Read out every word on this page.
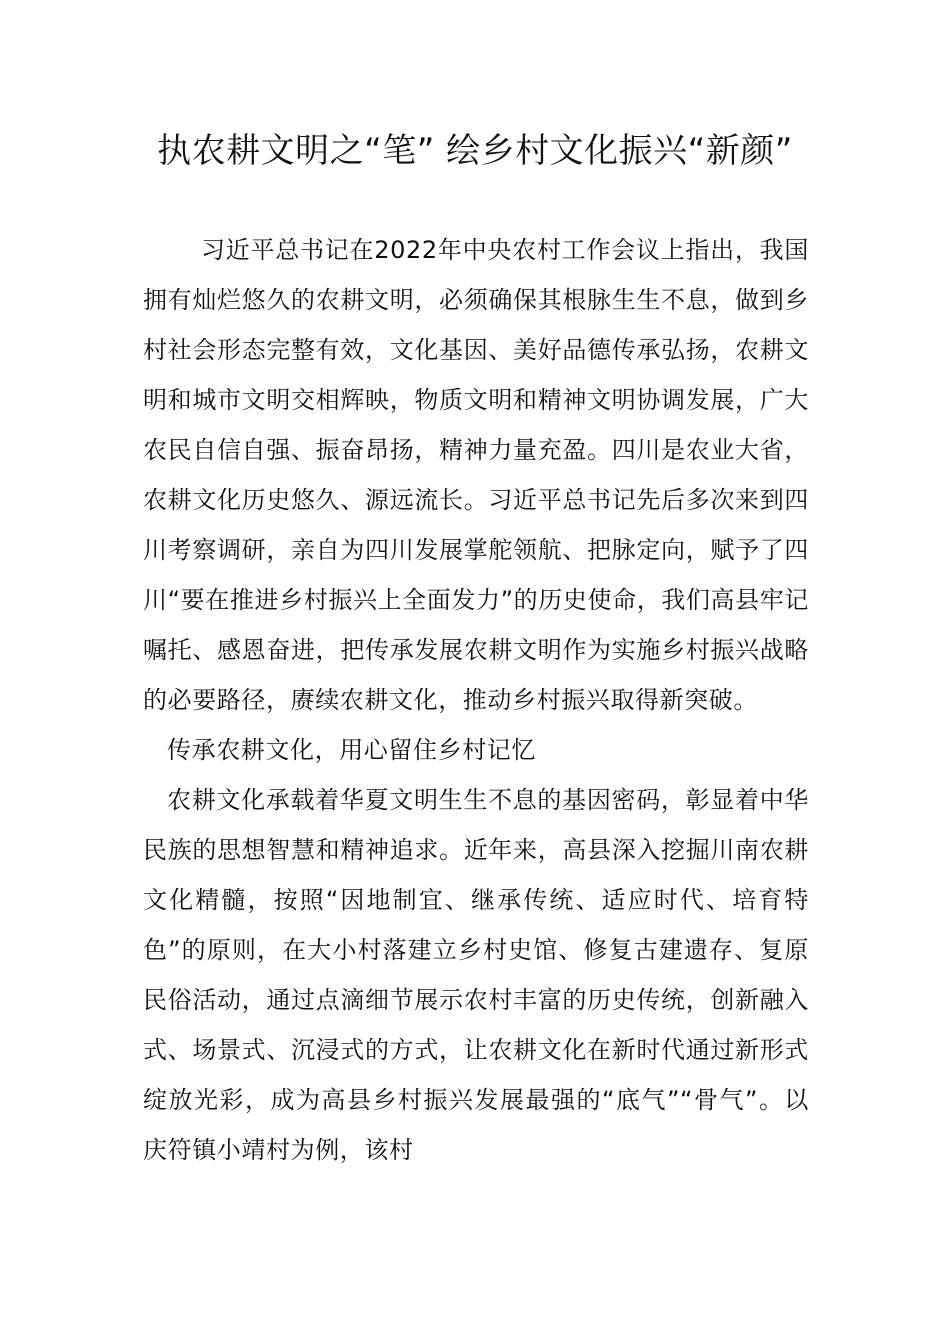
执农耕文明之“笔” 绘乡村文化振兴“新颜”

习近平总书记在2022年中央农村工作会议上指出，我国拥有灿烂悠久的农耕文明，必须确保其根脉生生不息，做到乡村社会形态完整有效，文化基因、美好品德传承弘扬，农耕文明和城市文明交相辉映，物质文明和精神文明协调发展，广大农民自信自强、振奋昂扬，精神力量充盈。四川是农业大省，农耕文化历史悠久、源远流长。习近平总书记先后多次来到四川考察调研，亲自为四川发展掌舵领航、把脉定向，赋予了四川“要在推进乡村振兴上全面发力”的历史使命，我们高县牢记嘱托、感恩奋进，把传承发展农耕文明作为实施乡村振兴战略的必要路径，赓续农耕文化，推动乡村振兴取得新突破。

传承农耕文化，用心留住乡村记忆

农耕文化承载着华夏文明生生不息的基因密码，彰显着中华民族的思想智慧和精神追求。近年来，高县深入挖掘川南农耕文化精髓，按照“因地制宜、继承传统、适应时代、培育特色”的原则，在大小村落建立乡村史馆、修复古建遗存、复原民俗活动，通过点滴细节展示农村丰富的历史传统，创新融入式、场景式、沉浸式的方式，让农耕文化在新时代通过新形式绽放光彩，成为高县乡村振兴发展最强的“底气”“骨气”。以庆符镇小靖村为例，该村
